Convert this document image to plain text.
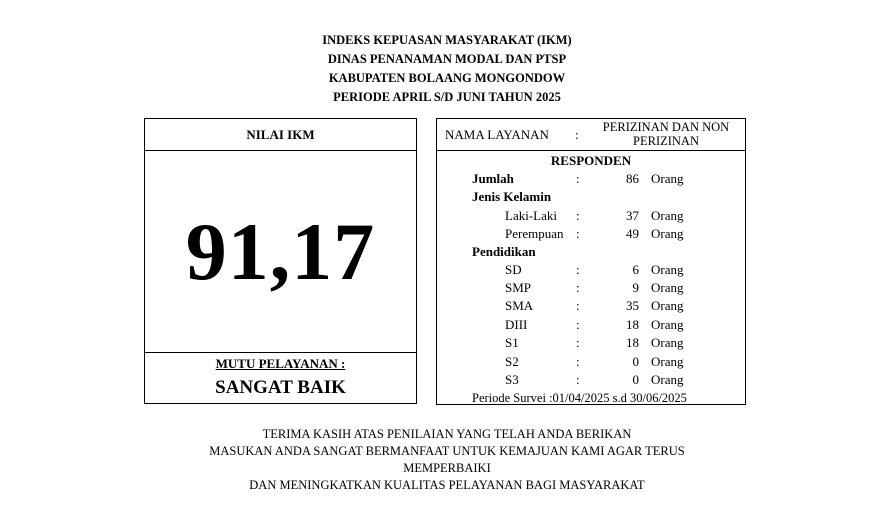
INDEKS KEPUASAN MASYARAKAT (IKM)
DINAS PENANAMAN MODAL DAN PTSP
KABUPATEN BOLAANG MONGONDOW
PERIODE APRIL S/D JUNI TAHUN 2025
NILAI IKM
91,17
MUTU PELAYANAN :
SANGAT BAIK
NAMA LAYANAN :	PERIZINAN DAN NON
PERIZINAN
RESPONDEN
Jumlah	:	86 Orang
Jenis Kelamin
Laki-Laki :	37 Orang
Perempuan :	49 Orang
Pendidikan
SD	:	6 Orang
SMP	:	9 Orang
SMA	:	35 Orang
DIII	:	18 Orang
S1	:	18 Orang
S2	:	0 Orang
S3	:	0 Orang
Periode Survei :01/04/2025 s.d 30/06/2025
TERIMA KASIH ATAS PENILAIAN YANG TELAH ANDA BERIKAN
MASUKAN ANDA SANGAT BERMANFAAT UNTUK KEMAJUAN KAMI AGAR TERUS
MEMPERBAIKI
DAN MENINGKATKAN KUALITAS PELAYANAN BAGI MASYARAKAT
